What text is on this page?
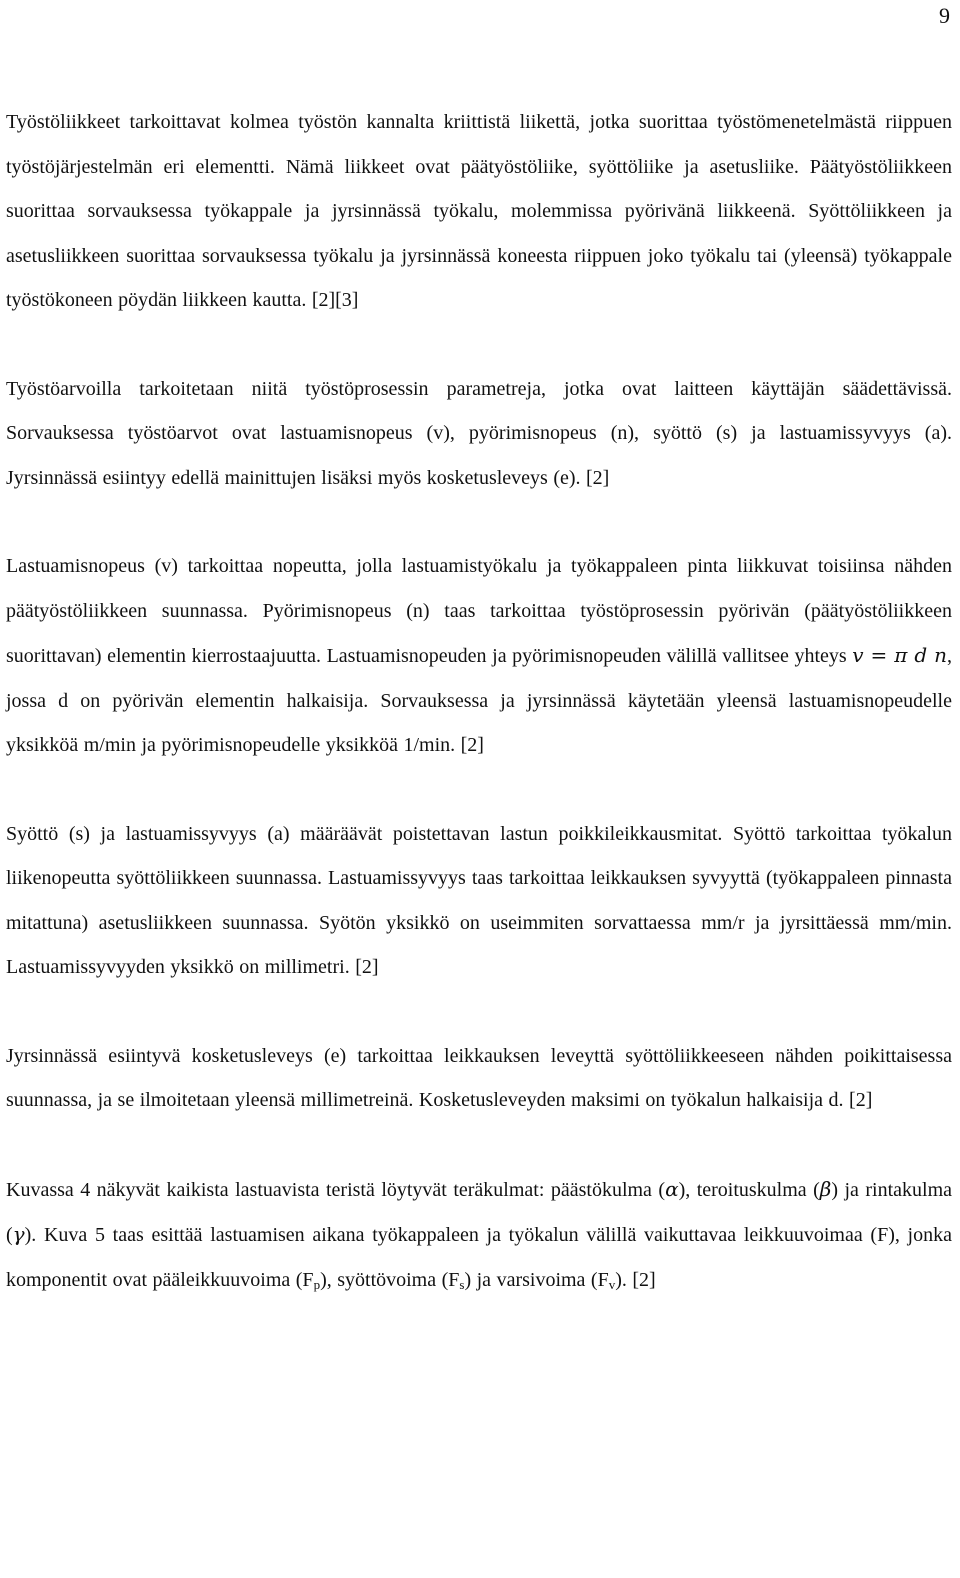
9

Työstöliikkeet tarkoittavat kolmea työstön kannalta kriittistä liikettä, jotka suorittaa työstömenetelmästä riippuen työstöjärjestelmän eri elementti. Nämä liikkeet ovat päätyöstöliike, syöttöliike ja asetusliike. Päätyöstöliikkeen suorittaa sorvauksessa työkappale ja jyrsinnässä työkalu, molemmissa pyörivänä liikkeenä. Syöttöliikkeen ja asetusliikkeen suorittaa sorvauksessa työkalu ja jyrsinnässä koneesta riippuen joko työkalu tai (yleensä) työkappale työstökoneen pöydän liikkeen kautta. [2][3]

Työstöarvoilla tarkoitetaan niitä työstöprosessin parametreja, jotka ovat laitteen käyttäjän säädettävissä. Sorvauksessa työstöarvot ovat lastuamisnopeus (v), pyörimisnopeus (n), syöttö (s) ja lastuamissyvyys (a). Jyrsinnässä esiintyy edellä mainittujen lisäksi myös kosketusleveys (e). [2]

Lastuamisnopeus (v) tarkoittaa nopeutta, jolla lastuamistyökalu ja työkappaleen pinta liikkuvat toisiinsa nähden päätyöstöliikkeen suunnassa. Pyörimisnopeus (n) taas tarkoittaa työstöprosessin pyörivän (päätyöstöliikkeen suorittavan) elementin kierrostaajuutta. Lastuamisnopeuden ja pyörimisnopeuden välillä vallitsee yhteys v = π d n, jossa d on pyörivän elementin halkaisija. Sorvauksessa ja jyrsinnässä käytetään yleensä lastuamisnopeudelle yksikköä m/min ja pyörimisnopeudelle yksikköä 1/min. [2]

Syöttö (s) ja lastuamissyvyys (a) määräävät poistettavan lastun poikkileikkausmitat. Syöttö tarkoittaa työkalun liikenopeutta syöttöliikkeen suunnassa. Lastuamissyvyys taas tarkoittaa leikkauksen syvyyttä (työkappaleen pinnasta mitattuna) asetusliikkeen suunnassa. Syötön yksikkö on useimmiten sorvattaessa mm/r ja jyrsittäessä mm/min. Lastuamissyvyyden yksikkö on millimetri. [2]

Jyrsinnässä esiintyvä kosketusleveys (e) tarkoittaa leikkauksen leveyttä syöttöliikkeeseen nähden poikittaisessa suunnassa, ja se ilmoitetaan yleensä millimetreinä. Kosketusleveyden maksimi on työkalun halkaisija d. [2]

Kuvassa 4 näkyvät kaikista lastuavista teristä löytyvät teräkulmat: päästökulma (α), teroituskulma (β) ja rintakulma (γ). Kuva 5 taas esittää lastuamisen aikana työkappaleen ja työkalun välillä vaikuttavaa leikkuuvoimaa (F), jonka komponentit ovat pääleikkuuvoima $(F_p)$, syöttövoima $(F_s)$ ja varsivoima $(F_v)$. [2]
